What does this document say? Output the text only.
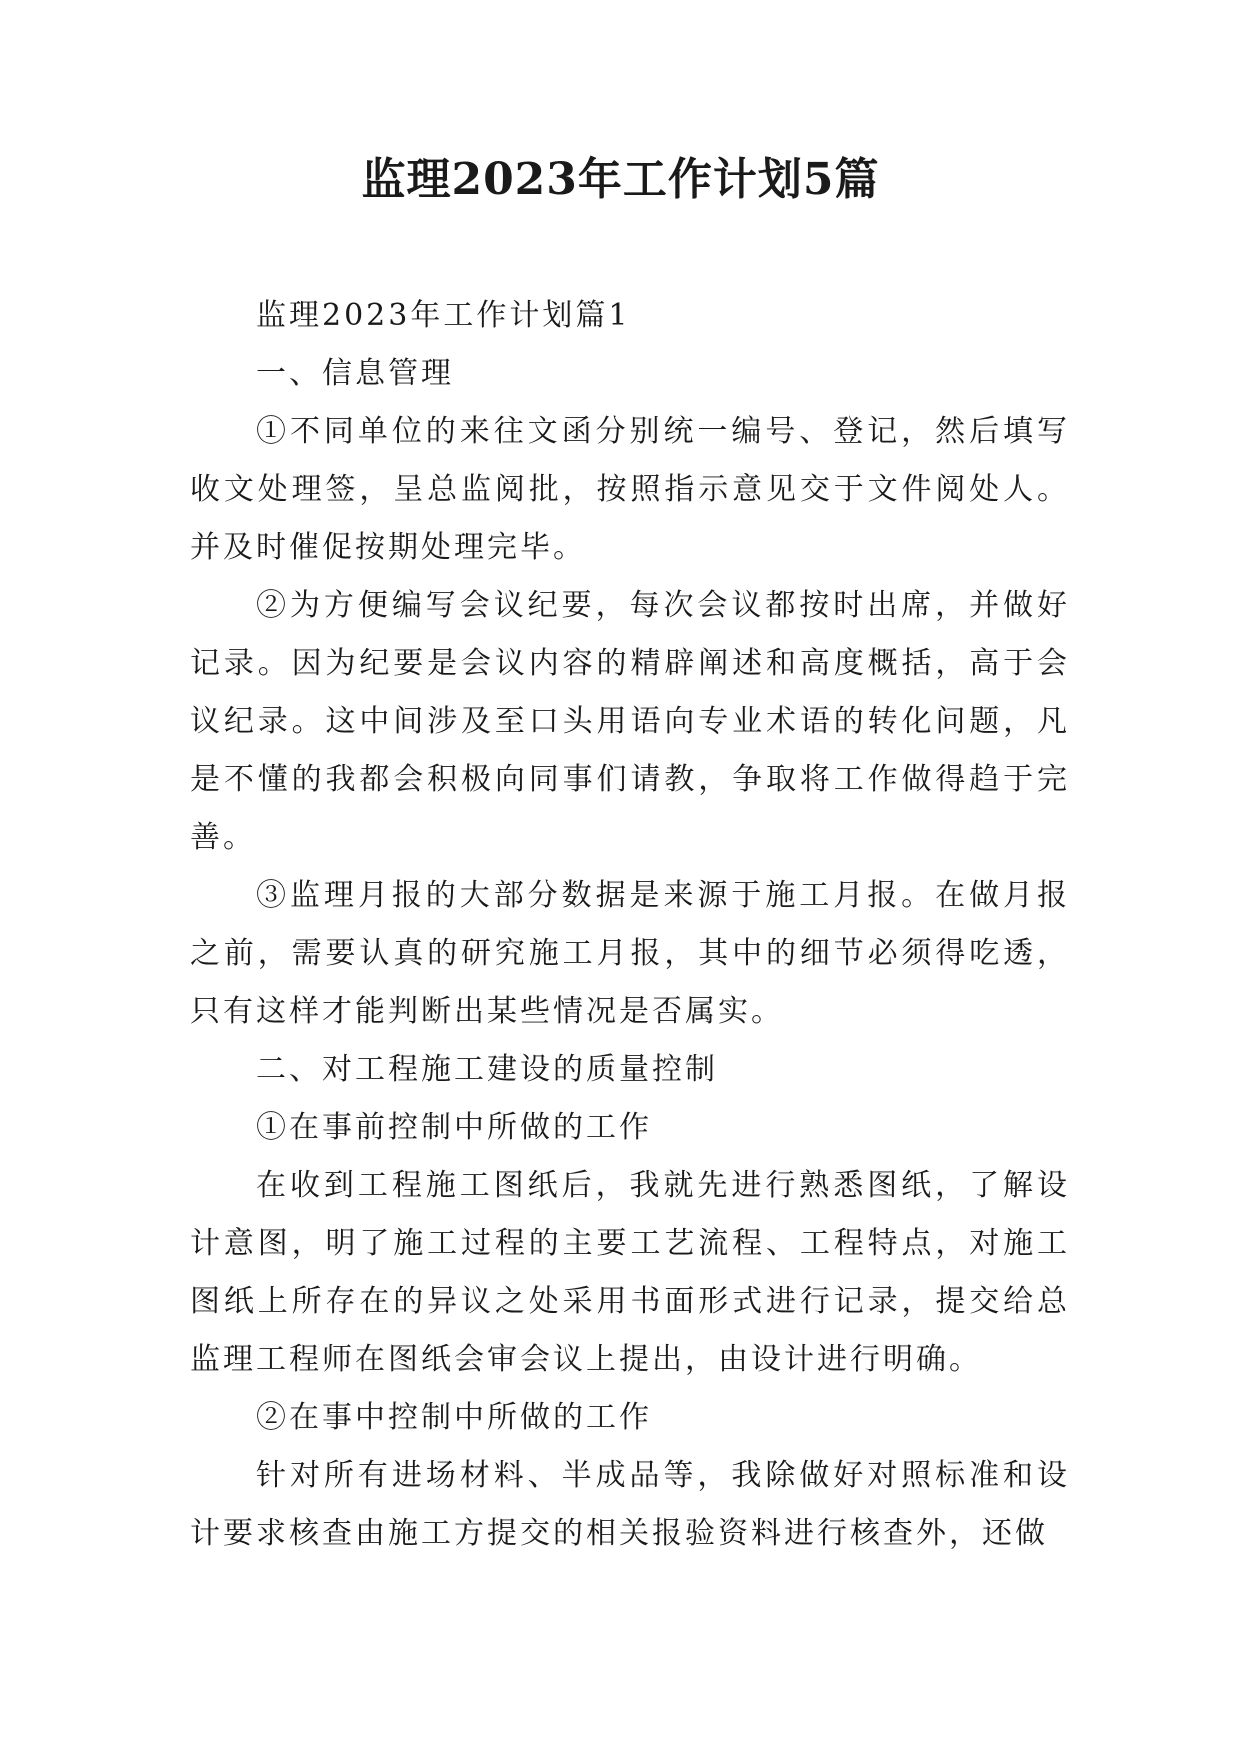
监理2023年工作计划5篇

监理2023年工作计划篇1

一、信息管理

①不同单位的来往文函分别统一编号、登记，然后填写收文处理签，呈总监阅批，按照指示意见交于文件阅处人。并及时催促按期处理完毕。

②为方便编写会议纪要，每次会议都按时出席，并做好记录。因为纪要是会议内容的精辟阐述和高度概括，高于会议纪录。这中间涉及至口头用语向专业术语的转化问题，凡是不懂的我都会积极向同事们请教，争取将工作做得趋于完善。

③监理月报的大部分数据是来源于施工月报。在做月报之前，需要认真的研究施工月报，其中的细节必须得吃透，只有这样才能判断出某些情况是否属实。

二、对工程施工建设的质量控制

①在事前控制中所做的工作

在收到工程施工图纸后，我就先进行熟悉图纸，了解设计意图，明了施工过程的主要工艺流程、工程特点，对施工图纸上所存在的异议之处采用书面形式进行记录，提交给总监理工程师在图纸会审会议上提出，由设计进行明确。

②在事中控制中所做的工作

针对所有进场材料、半成品等，我除做好对照标准和设计要求核查由施工方提交的相关报验资料进行核查外，还做
